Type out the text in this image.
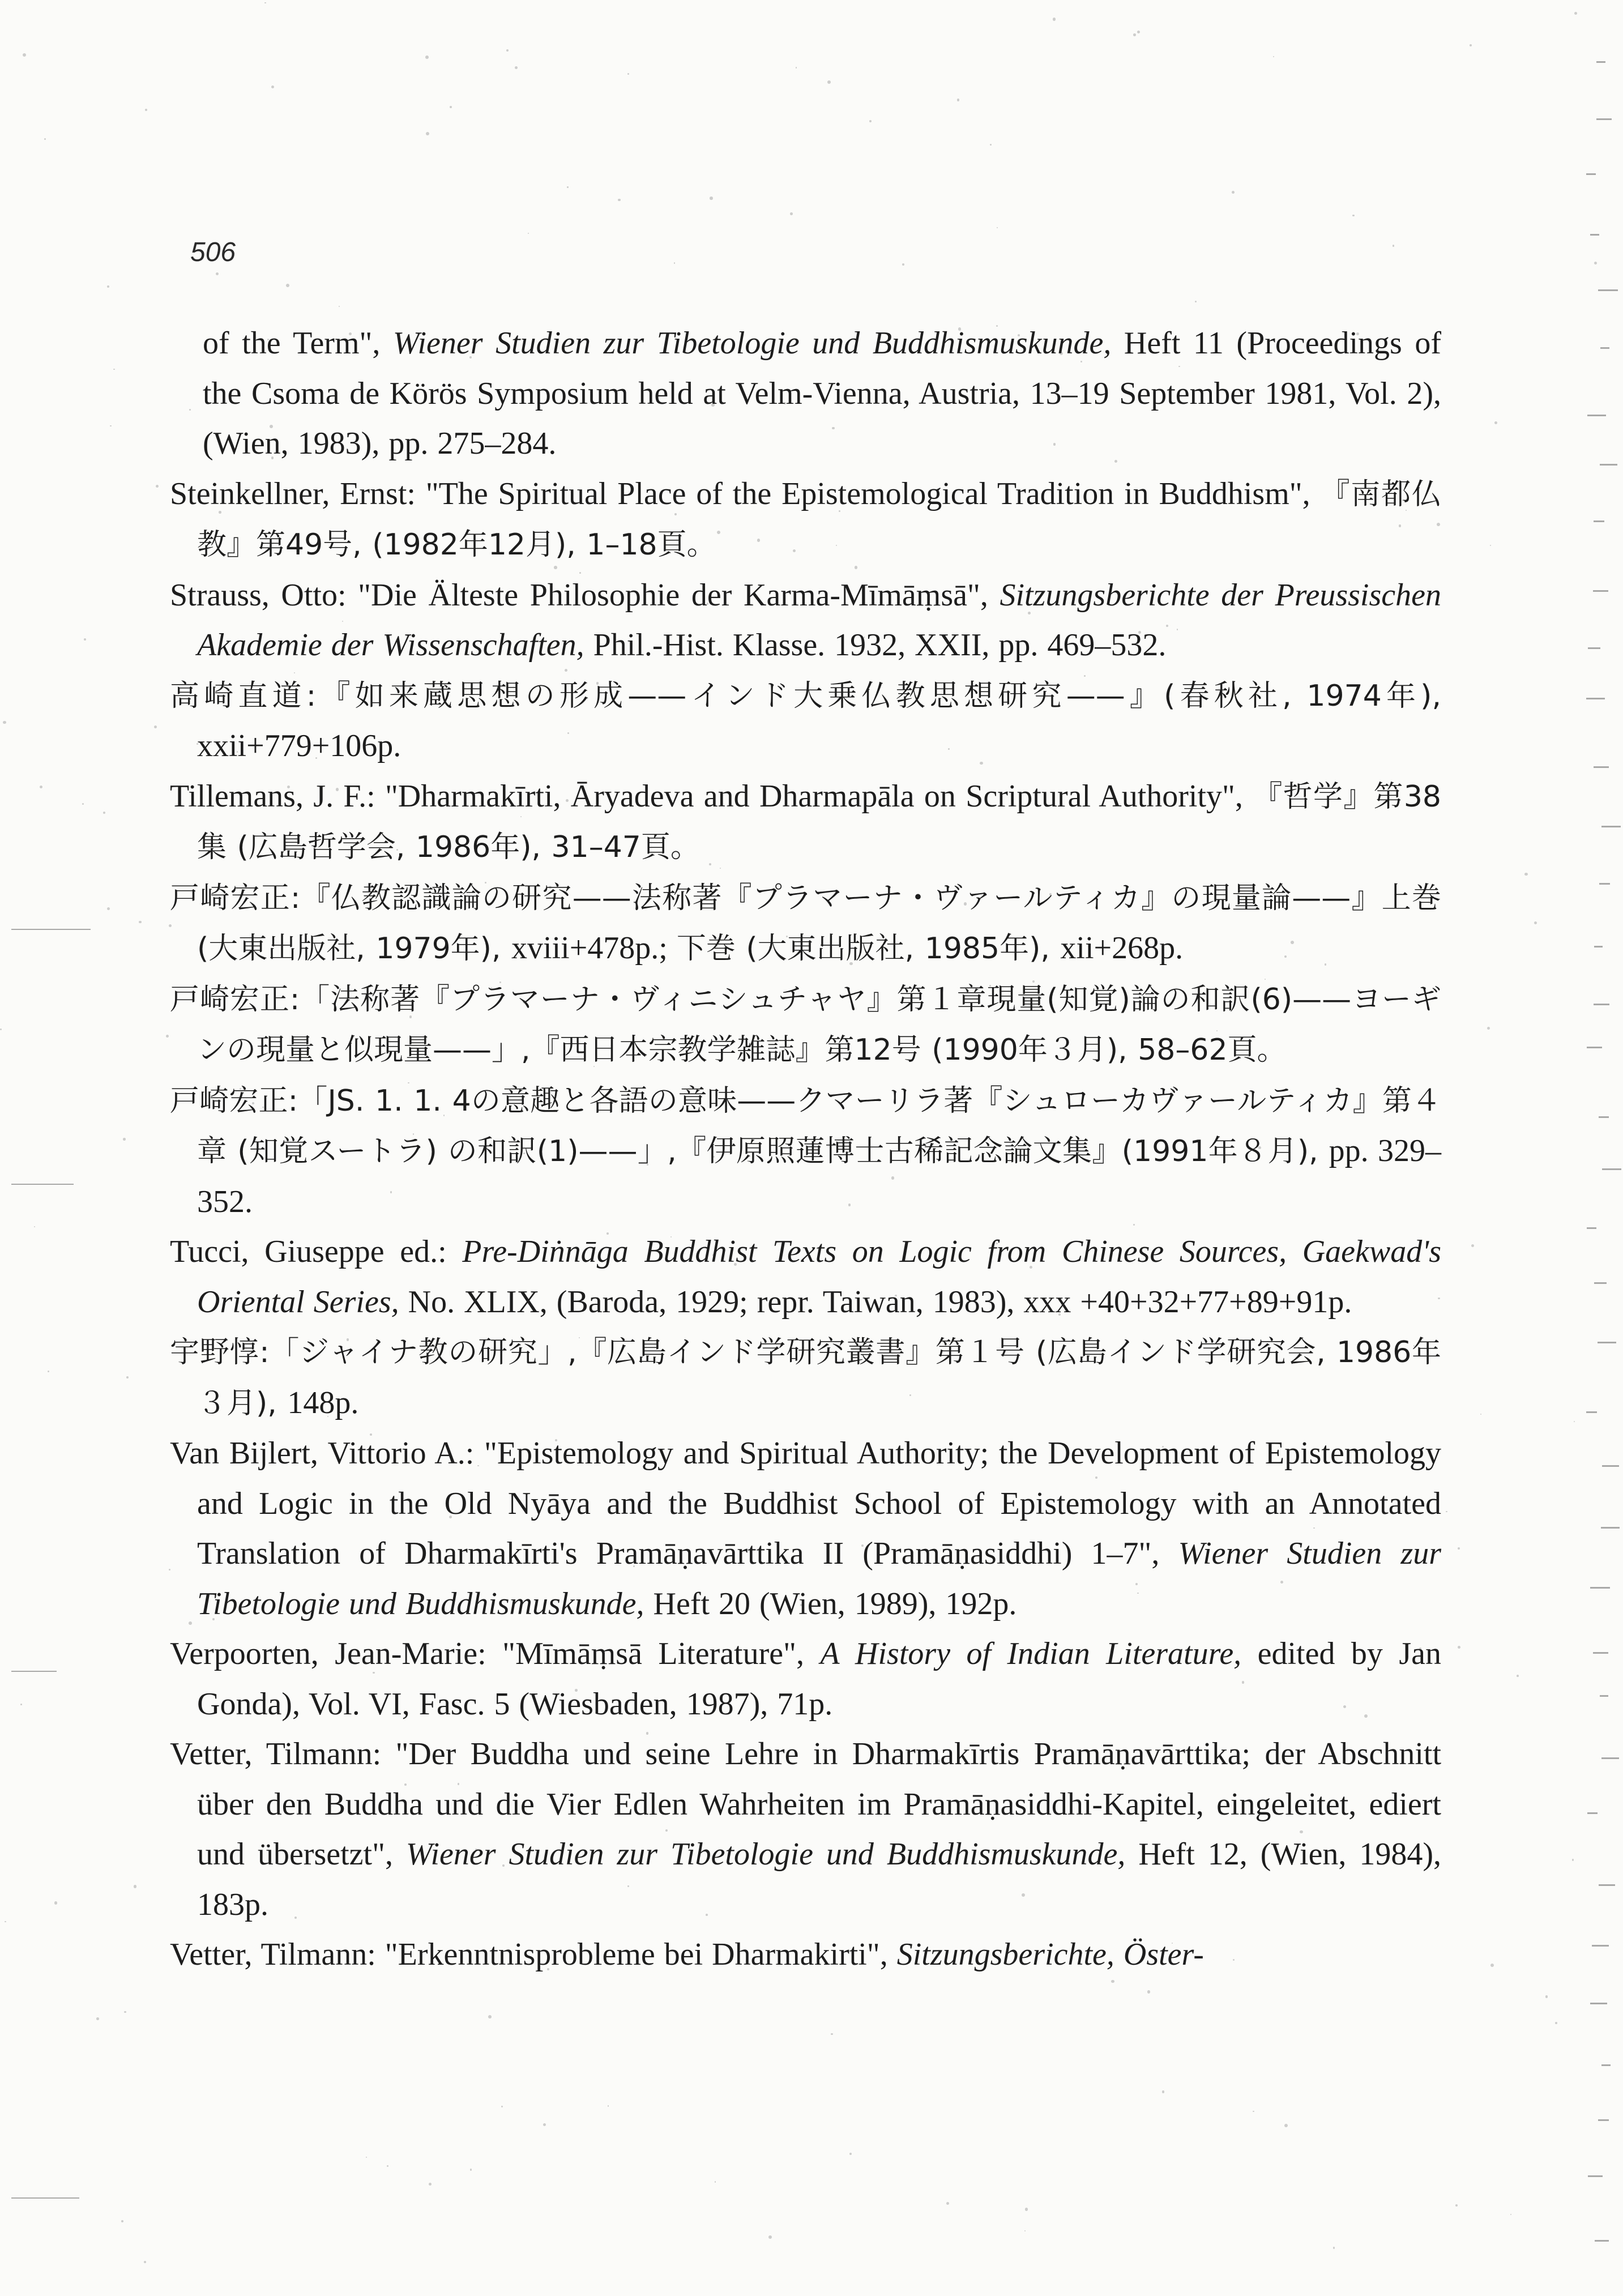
506

of the Term", Wiener Studien zur Tibetologie und Buddhismuskunde, Heft 11 (Proceedings of the Csoma de Körös Symposium held at Velm-Vienna, Austria, 13–19 September 1981, Vol. 2), (Wien, 1983), pp. 275–284.

Steinkellner, Ernst: "The Spiritual Place of the Epistemological Tradition in Buddhism", 『南都仏教』第49号, (1982年12月), 1–18頁。

Strauss, Otto: "Die Älteste Philosophie der Karma-Mīmāṃsā", Sitzungsberichte der Preussischen Akademie der Wissenschaften, Phil.-Hist. Klasse. 1932, XXII, pp. 469–532.

高崎直道:『如来蔵思想の形成——インド大乗仏教思想研究——』(春秋社, 1974年), xxii+779+106p.

Tillemans, J. F.: "Dharmakīrti, Āryadeva and Dharmapāla on Scriptural Authority", 『哲学』第38集 (広島哲学会, 1986年), 31–47頁。

戸崎宏正:『仏教認識論の研究——法称著『プラマーナ・ヴァールティカ』の現量論——』上巻 (大東出版社, 1979年), xviii+478p.; 下巻 (大東出版社, 1985年), xii+268p.

戸崎宏正:「法称著『プラマーナ・ヴィニシュチャヤ』第１章現量(知覚)論の和訳(6)——ヨーギンの現量と似現量——」,『西日本宗教学雑誌』第12号 (1990年３月), 58–62頁。

戸崎宏正:「JS. 1. 1. 4の意趣と各語の意味——クマーリラ著『シュローカヴァールティカ』第４章 (知覚スートラ) の和訳(1)——」,『伊原照蓮博士古稀記念論文集』(1991年８月), pp. 329–352.

Tucci, Giuseppe ed.: Pre-Diṅnāga Buddhist Texts on Logic from Chinese Sources, Gaekwad's Oriental Series, No. XLIX, (Baroda, 1929; repr. Taiwan, 1983), xxx +40+32+77+89+91p.

宇野惇:「ジャイナ教の研究」,『広島インド学研究叢書』第１号 (広島インド学研究会, 1986年３月), 148p.

Van Bijlert, Vittorio A.: "Epistemology and Spiritual Authority; the Development of Epistemology and Logic in the Old Nyāya and the Buddhist School of Epistemology with an Annotated Translation of Dharmakīrti's Pramāṇavārttika II (Pramāṇasiddhi) 1–7", Wiener Studien zur Tibetologie und Buddhismuskunde, Heft 20 (Wien, 1989), 192p.

Verpoorten, Jean-Marie: "Mīmāṃsā Literature", A History of Indian Literature, edited by Jan Gonda), Vol. VI, Fasc. 5 (Wiesbaden, 1987), 71p.

Vetter, Tilmann: "Der Buddha und seine Lehre in Dharmakīrtis Pramāṇavārttika; der Abschnitt über den Buddha und die Vier Edlen Wahrheiten im Pramāṇasiddhi-Kapitel, eingeleitet, ediert und übersetzt", Wiener Studien zur Tibetologie und Buddhismuskunde, Heft 12, (Wien, 1984), 183p.

Vetter, Tilmann: "Erkenntnisprobleme bei Dharmakirti", Sitzungsberichte, Öster-
